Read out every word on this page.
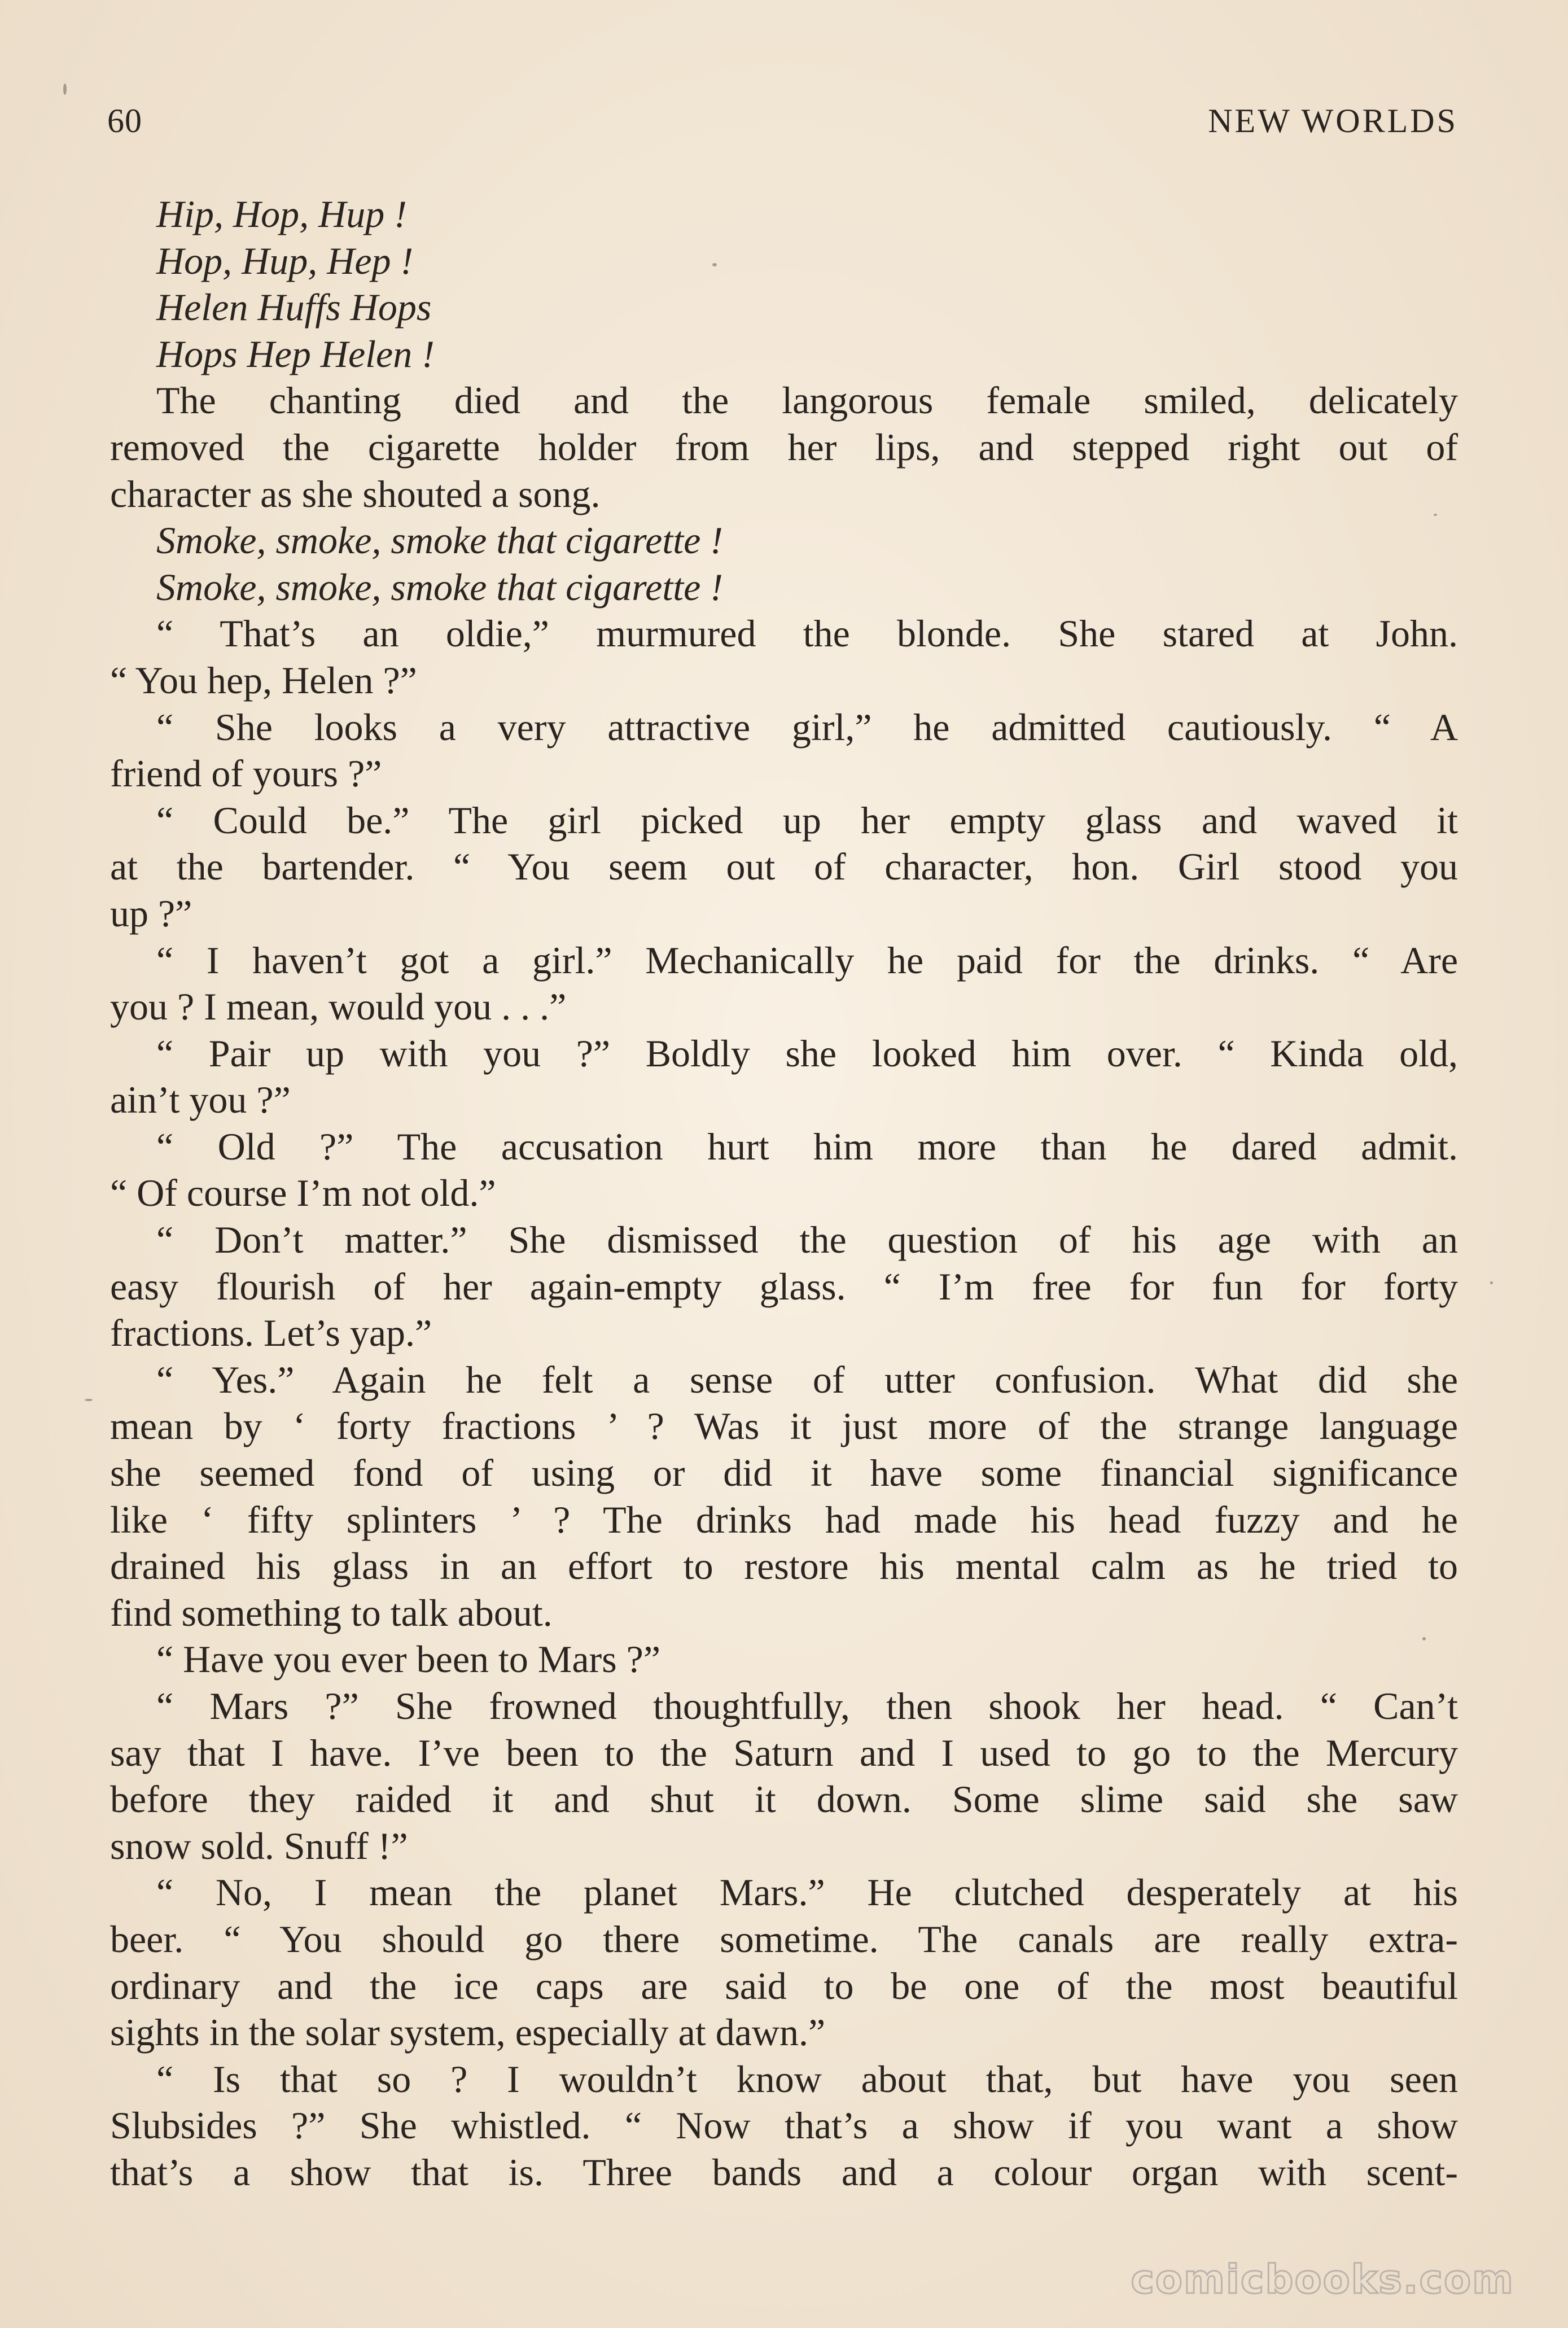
60	NEW WORLDS
Hip, Hop, Hup !
Hop, Hup, Hep !
Helen Huffs Hops
Hops Hep Helen !
The chanting died and the langorous female smiled, delicately
removed the cigarette holder from her lips, and stepped right out of
character as she shouted a song.
Smoke, smoke, smoke that cigarette !
Smoke, smoke, smoke that cigarette !
“ That’s an oldie,” murmured the blonde. She stared at John.
“ You hep, Helen ?”
“ She looks a very attractive girl,” he admitted cautiously. “ A
friend of yours ?”
“ Could be.” The girl picked up her empty glass and waved it
at the bartender. “ You seem out of character, hon. Girl stood you
up ?”
“ I haven’t got a girl.” Mechanically he paid for the drinks. “ Are
you ? I mean, would you . . .”
“ Pair up with you ?” Boldly she looked him over. “ Kinda old,
ain’t you ?”
“ Old ?” The accusation hurt him more than he dared admit.
“ Of course I’m not old.”
“ Don’t matter.” She dismissed the question of his age with an
easy flourish of her again-empty glass. “ I’m free for fun for forty
fractions. Let’s yap.”
“ Yes.” Again he felt a sense of utter confusion. What did she
mean by ‘ forty fractions ’ ? Was it just more of the strange language
she seemed fond of using or did it have some financial significance
like ‘ fifty splinters ’ ? The drinks had made his head fuzzy and he
drained his glass in an effort to restore his mental calm as he tried to
find something to talk about.
“ Have you ever been to Mars ?”
“ Mars ?” She frowned thoughtfully, then shook her head. “ Can’t
say that I have. I’ve been to the Saturn and I used to go to the Mercury
before they raided it and shut it down. Some slime said she saw
snow sold. Snuff !”
“ No, I mean the planet Mars.” He clutched desperately at his
beer. “ You should go there sometime. The canals are really extra-
ordinary and the ice caps are said to be one of the most beautiful
sights in the solar system, especially at dawn.”
“ Is that so ? I wouldn’t know about that, but have you seen
Slubsides ?” She whistled. “ Now that’s a show if you want a show
that’s a show that is. Three bands and a colour organ with scent-
comicbooks.com
